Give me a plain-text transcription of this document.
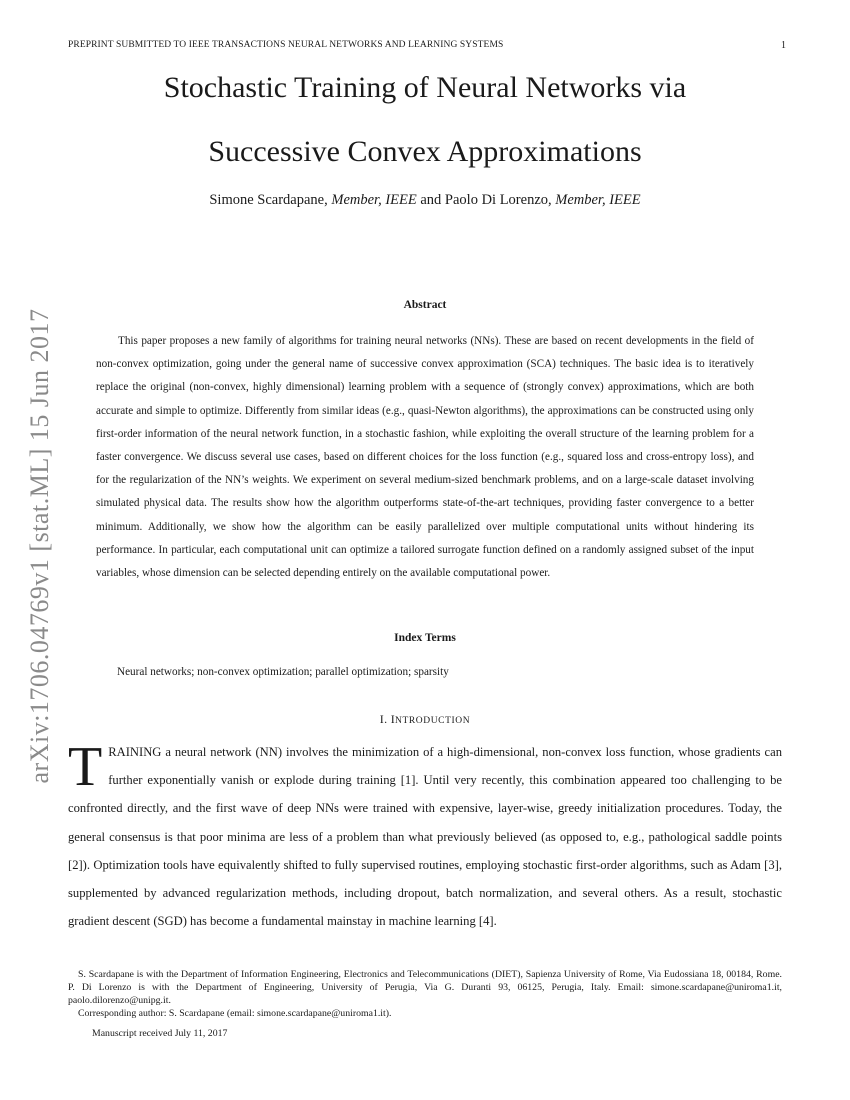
PREPRINT SUBMITTED TO IEEE TRANSACTIONS NEURAL NETWORKS AND LEARNING SYSTEMS	1
Stochastic Training of Neural Networks via
Successive Convex Approximations
Simone Scardapane, Member, IEEE and Paolo Di Lorenzo, Member, IEEE
arXiv:1706.04769v1 [stat.ML] 15 Jun 2017
Abstract

This paper proposes a new family of algorithms for training neural networks (NNs). These are based on recent developments in the field of non-convex optimization, going under the general name of successive convex approximation (SCA) techniques. The basic idea is to iteratively replace the original (non-convex, highly dimensional) learning problem with a sequence of (strongly convex) approximations, which are both accurate and simple to optimize. Differently from similar ideas (e.g., quasi-Newton algorithms), the approximations can be constructed using only first-order information of the neural network function, in a stochastic fashion, while exploiting the overall structure of the learning problem for a faster convergence. We discuss several use cases, based on different choices for the loss function (e.g., squared loss and cross-entropy loss), and for the regularization of the NN’s weights. We experiment on several medium-sized benchmark problems, and on a large-scale dataset involving simulated physical data. The results show how the algorithm outperforms state-of-the-art techniques, providing faster convergence to a better minimum. Additionally, we show how the algorithm can be easily parallelized over multiple computational units without hindering its performance. In particular, each computational unit can optimize a tailored surrogate function defined on a randomly assigned subset of the input variables, whose dimension can be selected depending entirely on the available computational power.

Index Terms
Neural networks; non-convex optimization; parallel optimization; sparsity
I. INTRODUCTION

TRAINING a neural network (NN) involves the minimization of a high-dimensional, non-convex loss function, whose gradients can further exponentially vanish or explode during training [1]. Until very recently, this combination appeared too challenging to be confronted directly, and the first wave of deep NNs were trained with expensive, layer-wise, greedy initialization procedures. Today, the general consensus is that poor minima are less of a problem than what previously believed (as opposed to, e.g., pathological saddle points [2]). Optimization tools have equivalently shifted to fully supervised routines, employing stochastic first-order algorithms, such as Adam [3], supplemented by advanced regularization methods, including dropout, batch normalization, and several others. As a result, stochastic gradient descent (SGD) has become a fundamental mainstay in machine learning [4].

S. Scardapane is with the Department of Information Engineering, Electronics and Telecommunications (DIET), Sapienza University of Rome, Via Eudossiana 18, 00184, Rome. P. Di Lorenzo is with the Department of Engineering, University of Perugia, Via G. Duranti 93, 06125, Perugia, Italy. Email: simone.scardapane@uniroma1.it, paolo.dilorenzo@unipg.it.

Corresponding author: S. Scardapane (email: simone.scardapane@uniroma1.it).
Manuscript received July 11, 2017
